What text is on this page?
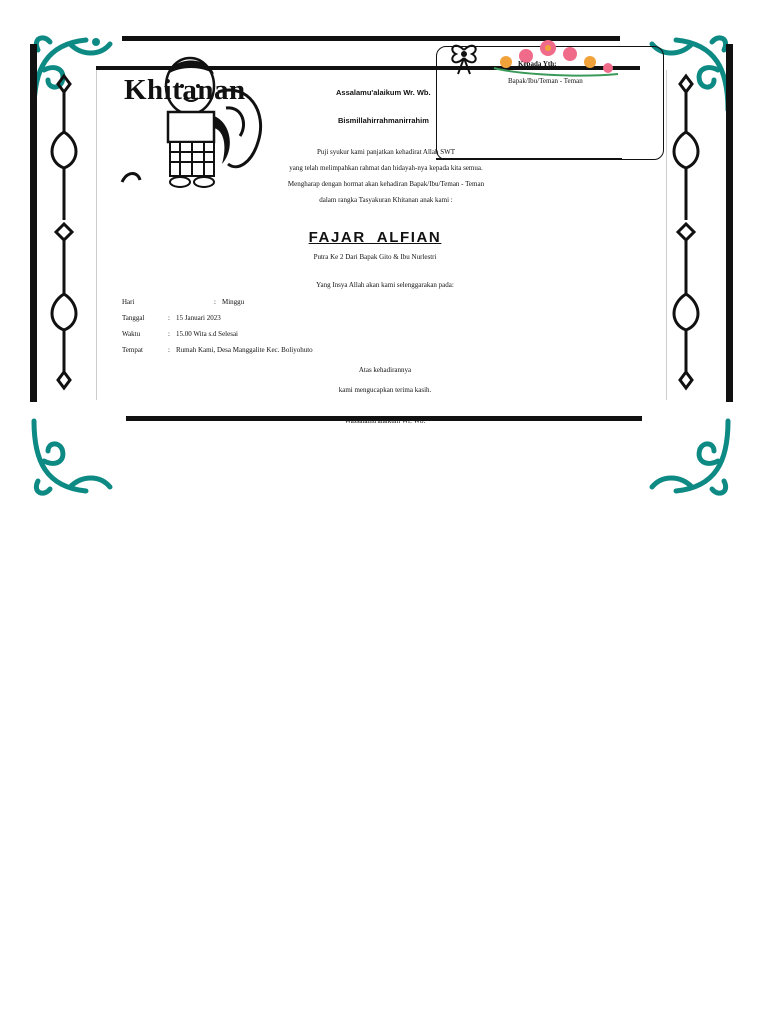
Khitanan
Kepada Yth:
Bapak/Ibu/Teman - Teman
Assalamu'alaikum Wr. Wb.
Bismillahirrahmanirrahim
Puji syukur kami panjatkan kehadirat Allah SWT
yang telah melimpahkan rahmat dan hidayah-nya kepada kita semua.
Mengharap dengan hormat akan kehadiran Bapak/Ibu/Teman - Teman
dalam rangka Tasyakuran Khitanan anak kami :
FAJAR  ALFIAN
Putra Ke 2 Dari Bapak Gito & Ibu Nurlestri
Yang Insya Allah akan kami selenggarakan pada:
Hari	: Minggu
Tanggal	: 15 Januari 2023
Waktu	: 15.00 Wita s.d Selesai
Tempat	: Rumah Kami, Desa Manggalite Kec. Boliyohuto
Atas kehadirannya
kami mengucapkan terima kasih.
Wassalamu'alaikum Wr. Wb.
